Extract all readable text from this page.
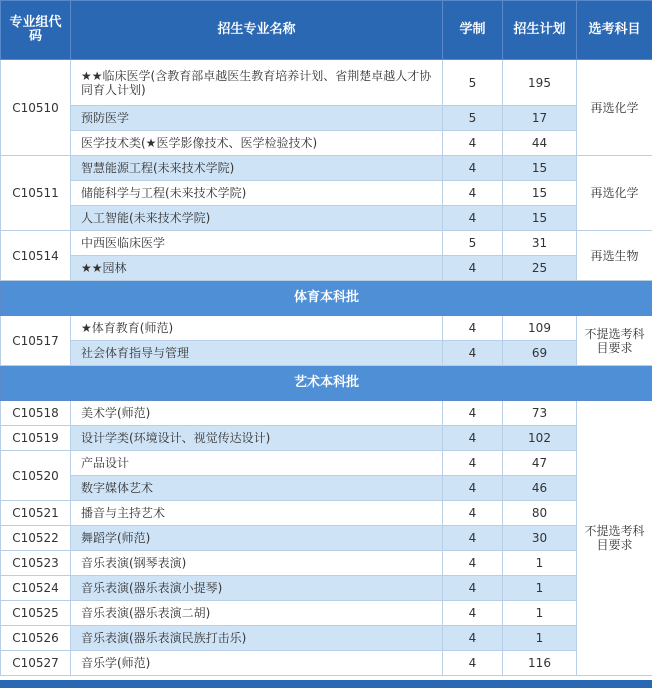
专业组代码	招生专业名称	学制	招生计划	选考科目
C10510	★★临床医学(含教育部卓越医生教育培养计划、省荆楚卓越人才协同育人计划)	5	195	再选化学
	预防医学	5	17	
	医学技术类(★医学影像技术、医学检验技术)	4	44	
C10511	智慧能源工程(未来技术学院)	4	15	再选化学
	储能科学与工程(未来技术学院)	4	15	
	人工智能(未来技术学院)	4	15	
C10514	中西医临床医学	5	31	再选生物
	★★园林	4	25	
体育本科批				
C10517	★体育教育(师范)	4	109	不提选考科目要求
	社会体育指导与管理	4	69	
艺术本科批				
C10518	美术学(师范)	4	73	不提选考科目要求
C10519	设计学类(环境设计、视觉传达设计)	4	102	
C10520	产品设计	4	47	
	数字媒体艺术	4	46	
C10521	播音与主持艺术	4	80	
C10522	舞蹈学(师范)	4	30	
C10523	音乐表演(钢琴表演)	4	1	
C10524	音乐表演(器乐表演小提琴)	4	1	
C10525	音乐表演(器乐表演二胡)	4	1	
C10526	音乐表演(器乐表演民族打击乐)	4	1	
C10527	音乐学(师范)	4	116	
